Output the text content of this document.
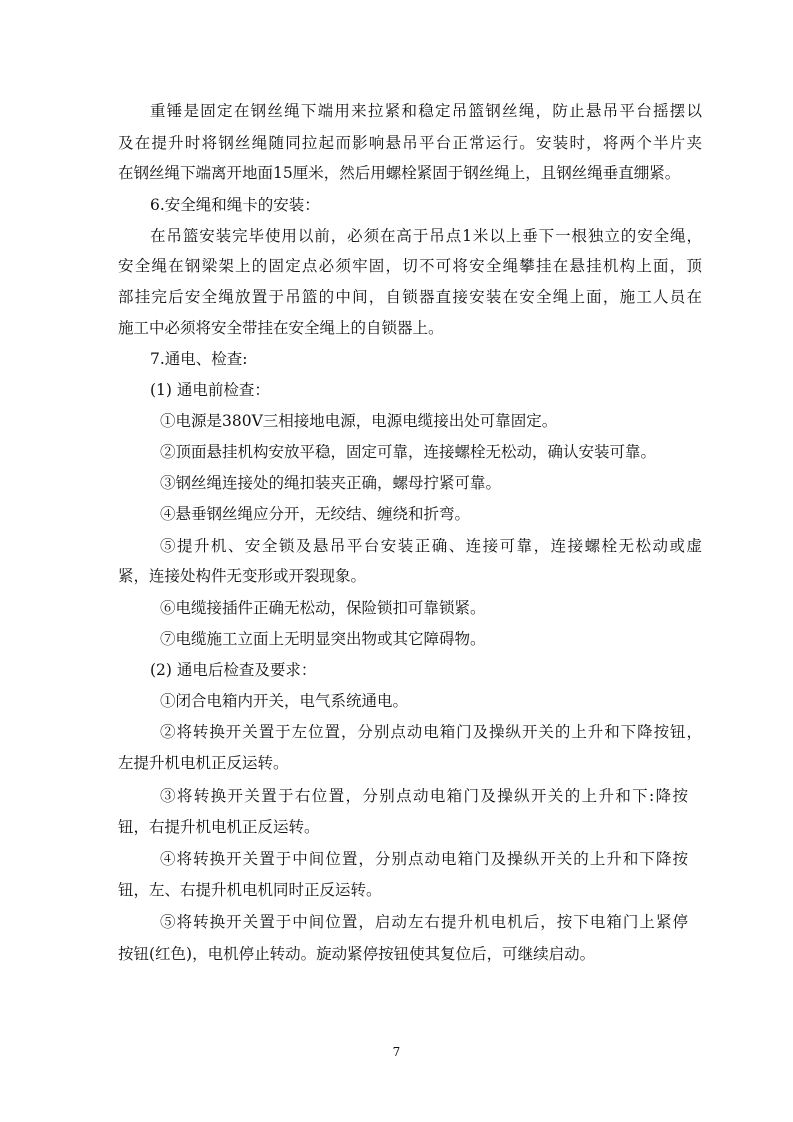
重锤是固定在钢丝绳下端用来拉紧和稳定吊篮钢丝绳，防止悬吊平台摇摆以
及在提升时将钢丝绳随同拉起而影响悬吊平台正常运行。安装时，将两个半片夹
在钢丝绳下端离开地面15厘米，然后用螺栓紧固于钢丝绳上，且钢丝绳垂直绷紧。
6.安全绳和绳卡的安装：
在吊篮安装完毕使用以前，必须在高于吊点1米以上垂下一根独立的安全绳，
安全绳在钢梁架上的固定点必须牢固，切不可将安全绳攀挂在悬挂机构上面，顶
部挂完后安全绳放置于吊篮的中间，自锁器直接安装在安全绳上面，施工人员在
施工中必须将安全带挂在安全绳上的自锁器上。
7.通电、检查:
(1) 通电前检查：
①电源是380V三相接地电源，电源电缆接出处可靠固定。
②顶面悬挂机构安放平稳，固定可靠，连接螺栓无松动，确认安装可靠。
③钢丝绳连接处的绳扣装夹正确，螺母拧紧可靠。
④悬垂钢丝绳应分开，无绞结、缠绕和折弯。
⑤提升机、安全锁及悬吊平台安装正确、连接可靠，连接螺栓无松动或虚
紧，连接处构件无变形或开裂现象。
⑥电缆接插件正确无松动，保险锁扣可靠锁紧。
⑦电缆施工立面上无明显突出物或其它障碍物。
(2) 通电后检查及要求：
①闭合电箱内开关，电气系统通电。
②将转换开关置于左位置，分别点动电箱门及操纵开关的上升和下降按钮，
左提升机电机正反运转。
③将转换开关置于右位置，分别点动电箱门及操纵开关的上升和下:降按
钮，右提升机电机正反运转。
④将转换开关置于中间位置，分别点动电箱门及操纵开关的上升和下降按
钮，左、右提升机电机同时正反运转。
⑤将转换开关置于中间位置，启动左右提升机电机后，按下电箱门上紧停
按钮(红色)，电机停止转动。旋动紧停按钮使其复位后，可继续启动。
7
